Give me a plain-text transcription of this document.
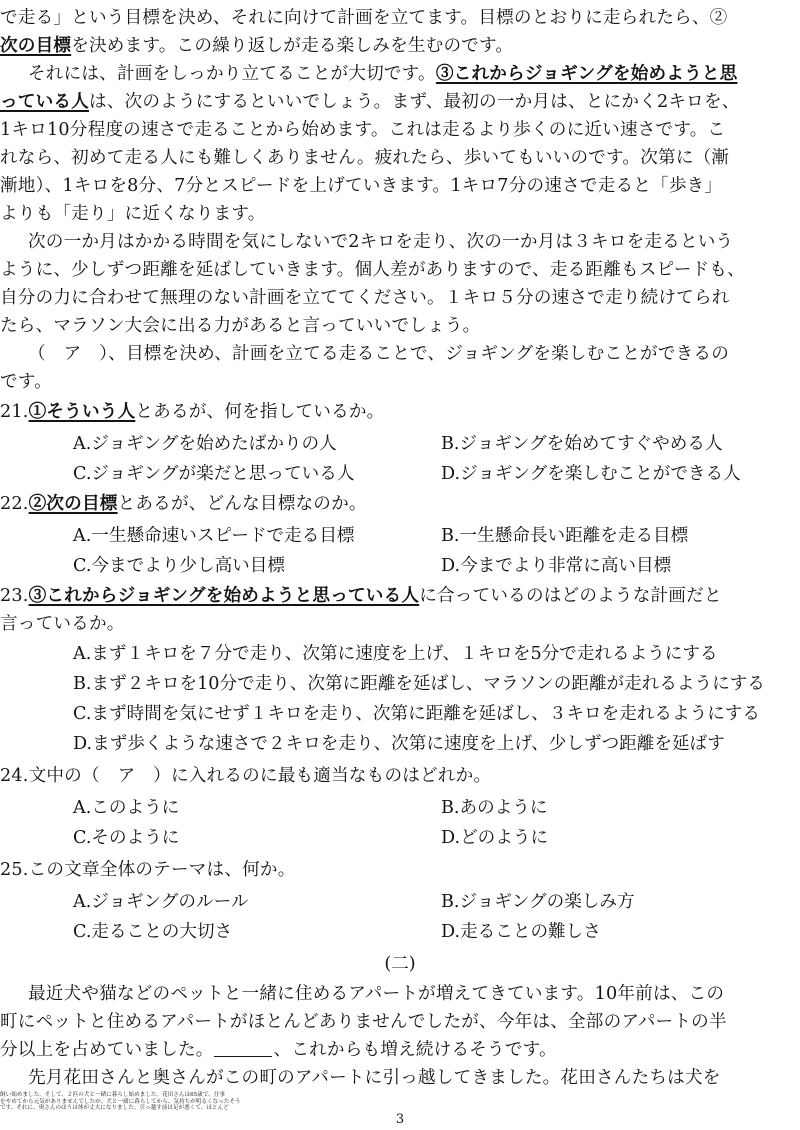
で走る」という目標を決め、それに向けて計画を立てます。目標のとおりに走られたら、②
次の目標を決めます。この繰り返しが走る楽しみを生むのです。
それには、計画をしっかり立てることが大切です。③これからジョギングを始めようと思
っている人は、次のようにするといいでしょう。まず、最初の一か月は、とにかく2キロを、
1キロ10分程度の速さで走ることから始めます。これは走るより歩くのに近い速さです。こ
れなら、初めて走る人にも難しくありません。疲れたら、歩いてもいいのです。次第に（漸
漸地）、1キロを8分、7分とスピードを上げていきます。1キロ7分の速さで走ると「歩き」
よりも「走り」に近くなります。
次の一か月はかかる時間を気にしないで2キロを走り、次の一か月は３キロを走るという
ように、少しずつ距離を延ばしていきます。個人差がありますので、走る距離もスピードも、
自分の力に合わせて無理のない計画を立ててください。１キロ５分の速さで走り続けてられ
たら、マラソン大会に出る力があると言っていいでしょう。
（　ア　）、目標を決め、計画を立てる走ることで、ジョギングを楽しむことができるの
です。
21.①そういう人とあるが、何を指しているか。
A.ジョギングを始めたばかりの人	B.ジョギングを始めてすぐやめる人
C.ジョギングが楽だと思っている人	D.ジョギングを楽しむことができる人
22.②次の目標とあるが、どんな目標なのか。
A.一生懸命速いスピードで走る目標	B.一生懸命長い距離を走る目標
C.今までより少し高い目標	D.今までより非常に高い目標
23.③これからジョギングを始めようと思っている人に合っているのはどのような計画だと
言っているか。
A.まず１キロを７分で走り、次第に速度を上げ、１キロを5分で走れるようにする
B.まず２キロを10分で走り、次第に距離を延ばし、マラソンの距離が走れるようにする
C.まず時間を気にせず１キロを走り、次第に距離を延ばし、３キロを走れるようにする
D.まず歩くような速さで２キロを走り、次第に速度を上げ、少しずつ距離を延ばす
24.文中の（　ア　）に入れるのに最も適当なものはどれか。
A.このように	B.あのように
C.そのように	D.どのように
25.この文章全体のテーマは、何か。
A.ジョギングのルール	B.ジョギングの楽しみ方
C.走ることの大切さ	D.走ることの難しさ
(二)
最近犬や猫などのペットと一緒に住めるアパートが増えてきています。10年前は、この
町にペットと住めるアパートがほとんどありませんでしたが、今年は、全部のアパートの半
分以上を占めていました。	、これからも増え続けるそうです。
先月花田さんと奥さんがこの町のアパートに引っ越してきました。花田さんたちは犬を
3
飼い始めました。そして、２匹の犬と一緒に暮らし始めました。花田さんは65歳で、仕事
をやめてから元気がありませんでしたが、犬と一緒に暮らしてから、気持ちが明るくなったそう
です。それに、奥さんのほうは体が丈夫になりました。引っ越す前は足が悪くて、ほとんど
